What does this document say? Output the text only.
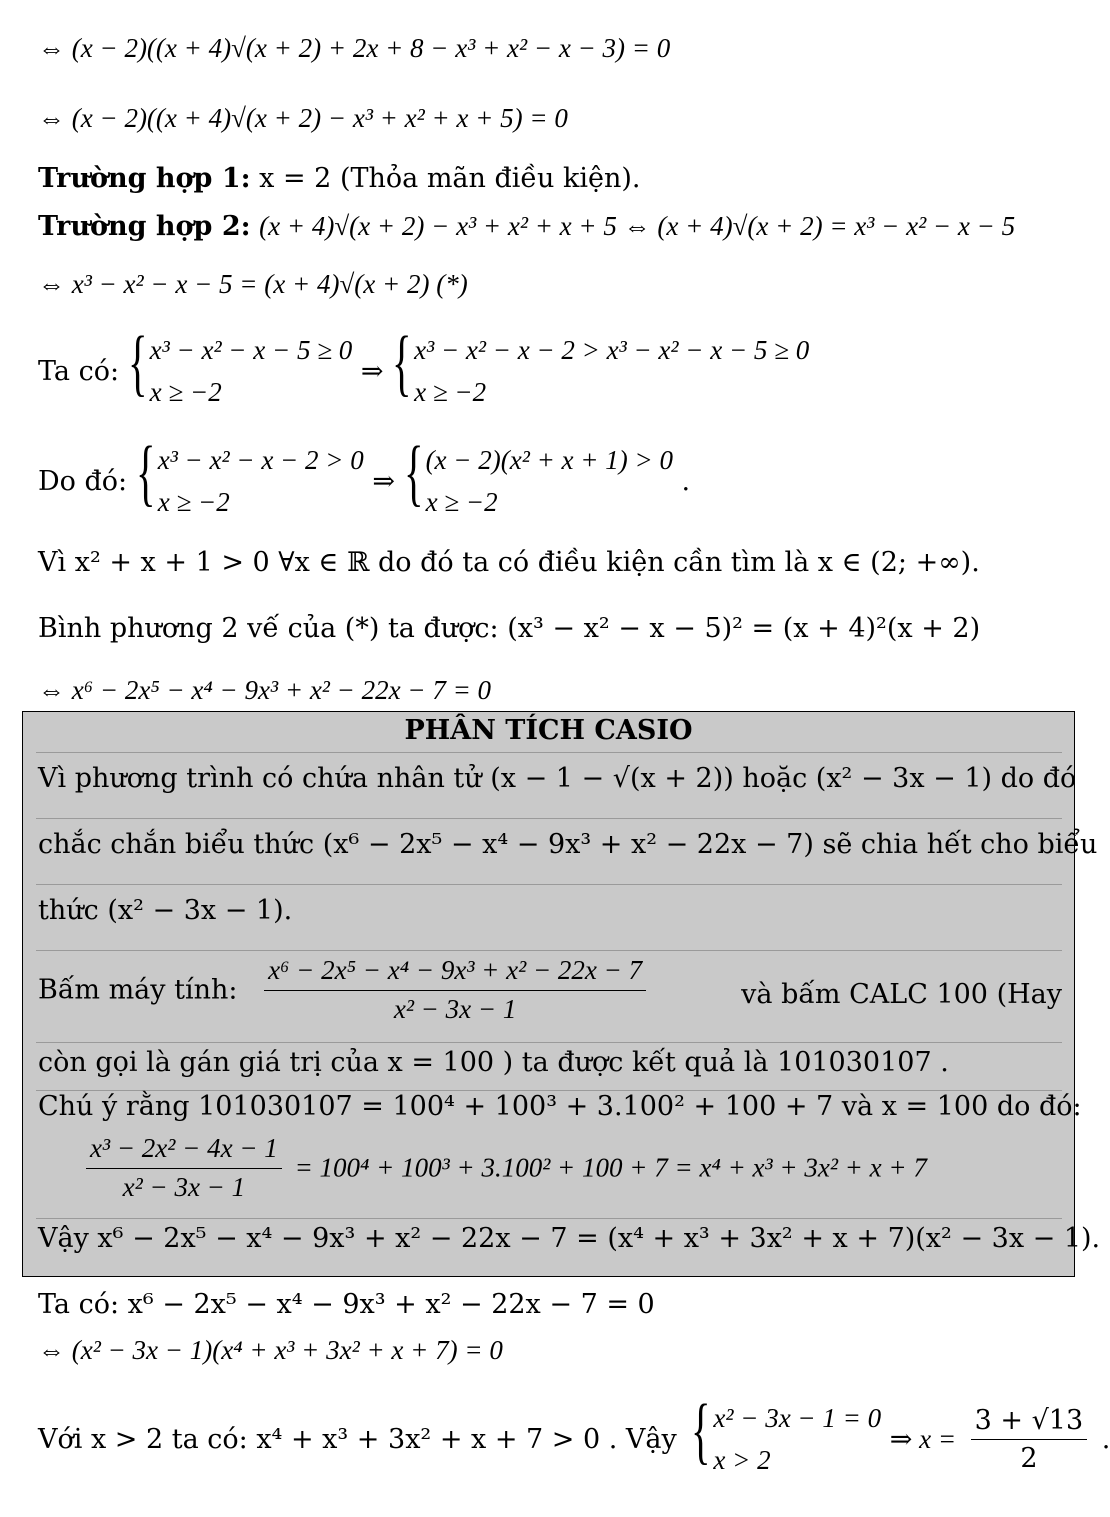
⇔ (x − 2)((x + 4)√(x + 2) + 2x + 8 − x³ + x² − x − 3) = 0
⇔ (x − 2)((x + 4)√(x + 2) − x³ + x² + x + 5) = 0
Trường hợp 1: x = 2 (Thỏa mãn điều kiện).
Trường hợp 2: (x + 4)√(x + 2) − x³ + x² + x + 5 ⇔ (x + 4)√(x + 2) = x³ − x² − x − 5
⇔ x³ − x² − x − 5 = (x + 4)√(x + 2) (*)
Ta có: { x³ − x² − x − 5 ≥ 0
x ≥ −2
⇒ { x³ − x² − x − 2 > x³ − x² − x − 5 ≥ 0
x ≥ −2
Do đó: { x³ − x² − x − 2 > 0
x ≥ −2
⇒ { (x − 2)(x² + x + 1) > 0
x ≥ −2
.
Vì x² + x + 1 > 0 ∀x ∈ ℝ do đó ta có điều kiện cần tìm là x ∈ (2; +∞).
Bình phương 2 vế của (*) ta được: (x³ − x² − x − 5)² = (x + 4)²(x + 2)
⇔ x⁶ − 2x⁵ − x⁴ − 9x³ + x² − 22x − 7 = 0
PHÂN TÍCH CASIO
Vì phương trình có chứa nhân tử (x − 1 − √(x + 2)) hoặc (x² − 3x − 1) do đó
chắc chắn biểu thức (x⁶ − 2x⁵ − x⁴ − 9x³ + x² − 22x − 7) sẽ chia hết cho biểu
thức (x² − 3x − 1).
Bấm máy tính: $\frac{\text{x⁶ − 2x⁵ − x⁴ − 9x³ + x² − 22x − 7}}{\text{x² − 3x − 1}}$	và bấm CALC 100 (Hay
còn gọi là gán giá trị của x = 100 ) ta được kết quả là 101030107 .
Chú ý rằng 101030107 = 100⁴ + 100³ + 3.100² + 100 + 7 và x = 100 do đó:
$\frac{\text{x³ − 2x² − 4x − 1}}{\text{x² − 3x − 1}} = 100^4 + 100^3 + 3.100^2 + 100 + 7 = x^4 + x^3 + 3x^2 + x + 7$
Vậy x⁶ − 2x⁵ − x⁴ − 9x³ + x² − 22x − 7 = (x⁴ + x³ + 3x² + x + 7)(x² − 3x − 1).
Ta có: x⁶ − 2x⁵ − x⁴ − 9x³ + x² − 22x − 7 = 0
⇔ (x² − 3x − 1)(x⁴ + x³ + 3x² + x + 7) = 0
Với x > 2 ta có: x⁴ + x³ + 3x² + x + 7 > 0 . Vậy { x² − 3x − 1 = 0
x > 2
⇒ $x = \frac{3 + √13}{2}$ .
